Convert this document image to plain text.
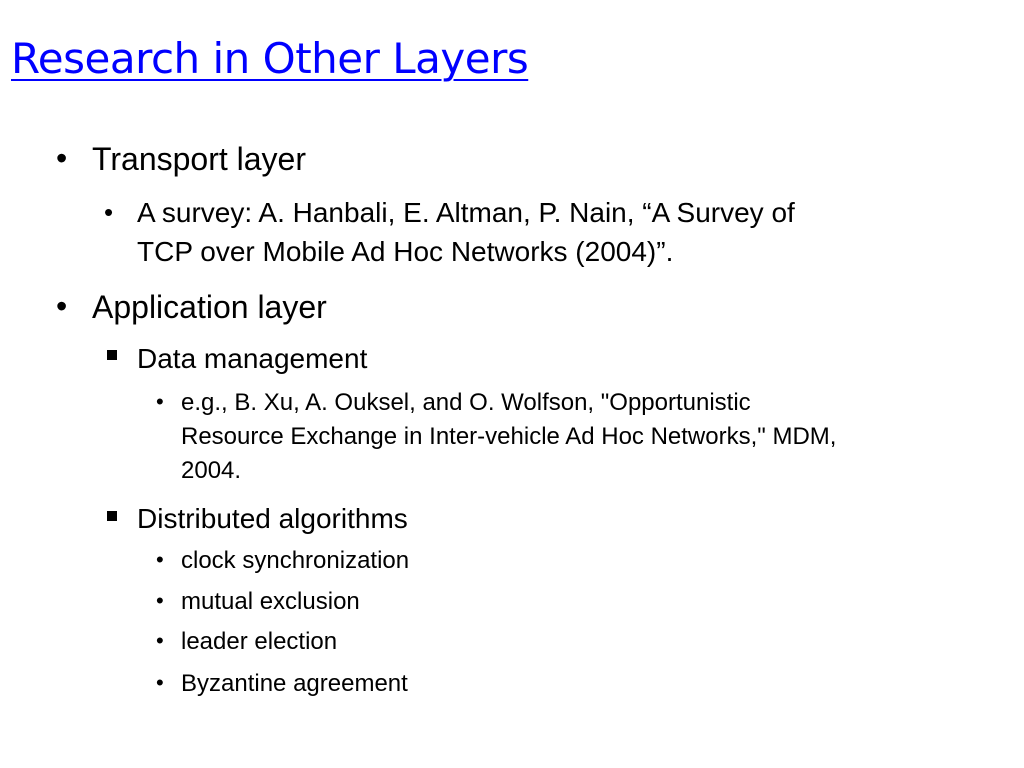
Research in Other Layers
• Transport layer

• A survey: A. Hanbali, E. Altman, P. Nain, “A Survey of

TCP over Mobile Ad Hoc Networks (2004)”.

• Application layer

Data management

• e.g., B. Xu, A. Ouksel, and O. Wolfson, "Opportunistic

Resource Exchange in Inter-vehicle Ad Hoc Networks," MDM,

2004.

Distributed algorithms

• clock synchronization

• mutual exclusion

• leader election

• Byzantine agreement
